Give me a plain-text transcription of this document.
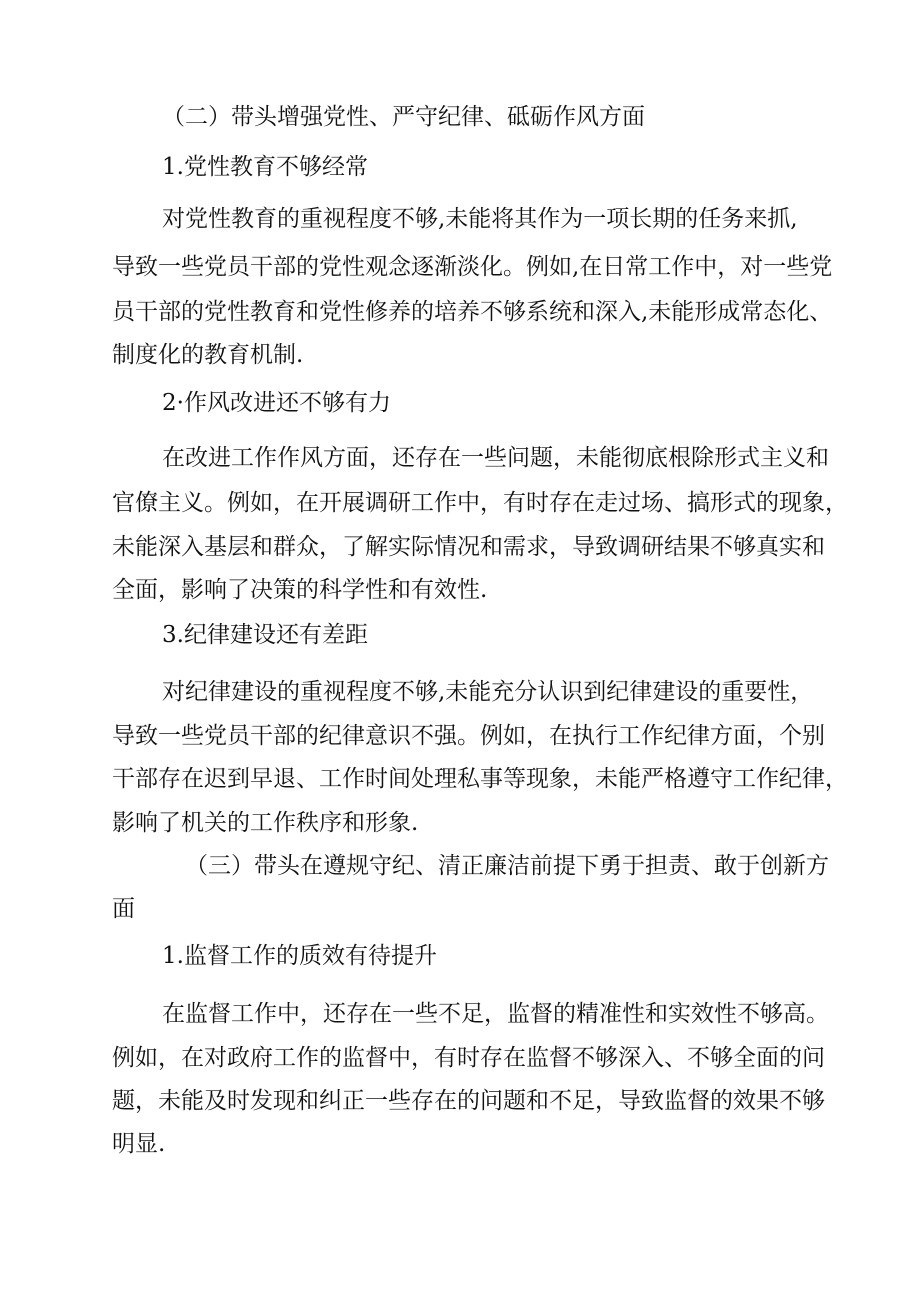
（二）带头增强党性、严守纪律、砥砺作风方面
1.党性教育不够经常
对党性教育的重视程度不够,未能将其作为一项长期的任务来抓,
导致一些党员干部的党性观念逐渐淡化。例如,在日常工作中，对一些党
员干部的党性教育和党性修养的培养不够系统和深入,未能形成常态化、
制度化的教育机制.
2·作风改进还不够有力
在改进工作作风方面，还存在一些问题，未能彻底根除形式主义和
官僚主义。例如，在开展调研工作中，有时存在走过场、搞形式的现象，
未能深入基层和群众，了解实际情况和需求，导致调研结果不够真实和
全面，影响了决策的科学性和有效性.
3.纪律建设还有差距
对纪律建设的重视程度不够,未能充分认识到纪律建设的重要性，
导致一些党员干部的纪律意识不强。例如，在执行工作纪律方面，个别
干部存在迟到早退、工作时间处理私事等现象，未能严格遵守工作纪律，
影响了机关的工作秩序和形象.
（三）带头在遵规守纪、清正廉洁前提下勇于担责、敢于创新方
面
1.监督工作的质效有待提升
在监督工作中，还存在一些不足，监督的精准性和实效性不够高。
例如，在对政府工作的监督中，有时存在监督不够深入、不够全面的问
题，未能及时发现和纠正一些存在的问题和不足，导致监督的效果不够
明显.
